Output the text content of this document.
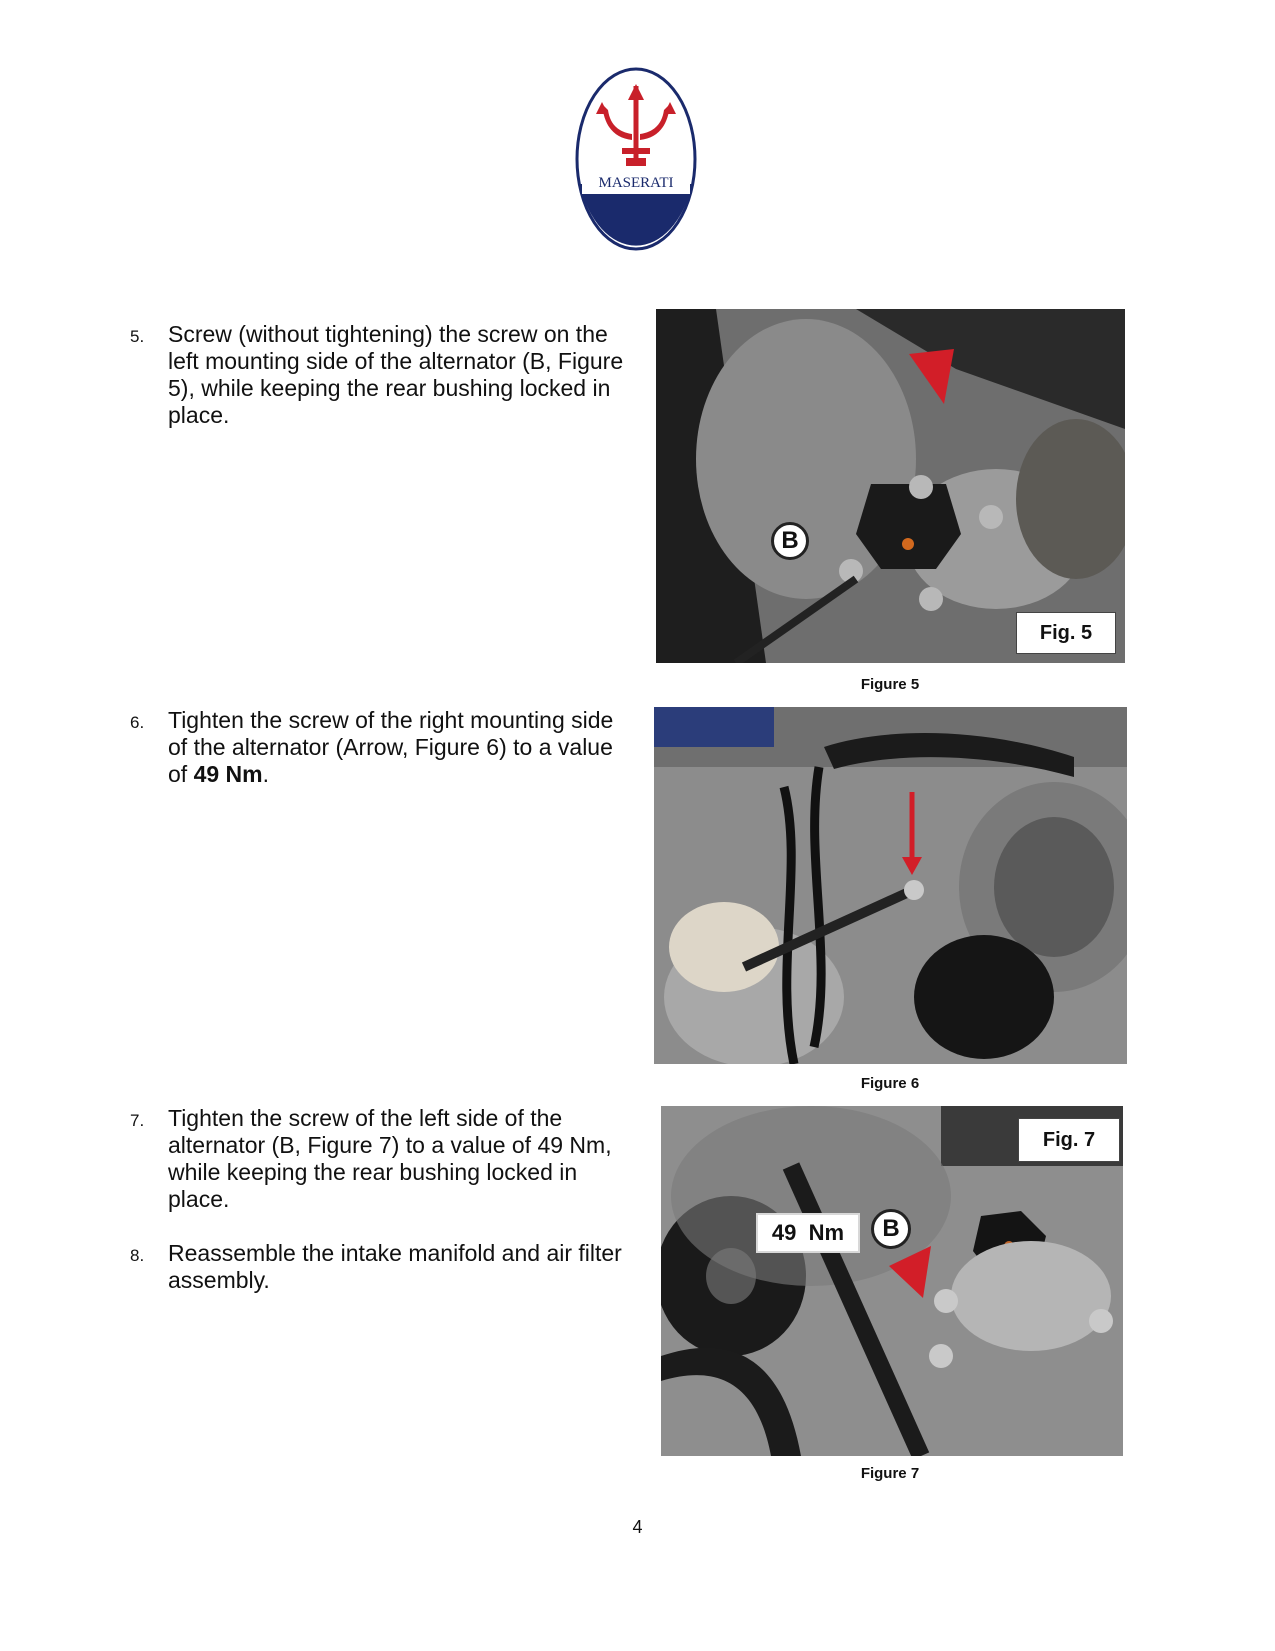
MASERATI
5. Screw (without tightening) the screw on the left mounting side of the alternator (B, Figure 5), while keeping the rear bushing locked in place.
6. Tighten the screw of the right mounting side of the alternator (Arrow, Figure 6) to a value of 49 Nm.
7. Tighten the screw of the left side of the alternator (B, Figure 7) to a value of 49 Nm, while keeping the rear bushing locked in place.
8. Reassemble the intake manifold and air filter assembly.
B
Fig. 5
Figure 5
Figure 6
Fig. 7
49  Nm	B
Figure 7
4
